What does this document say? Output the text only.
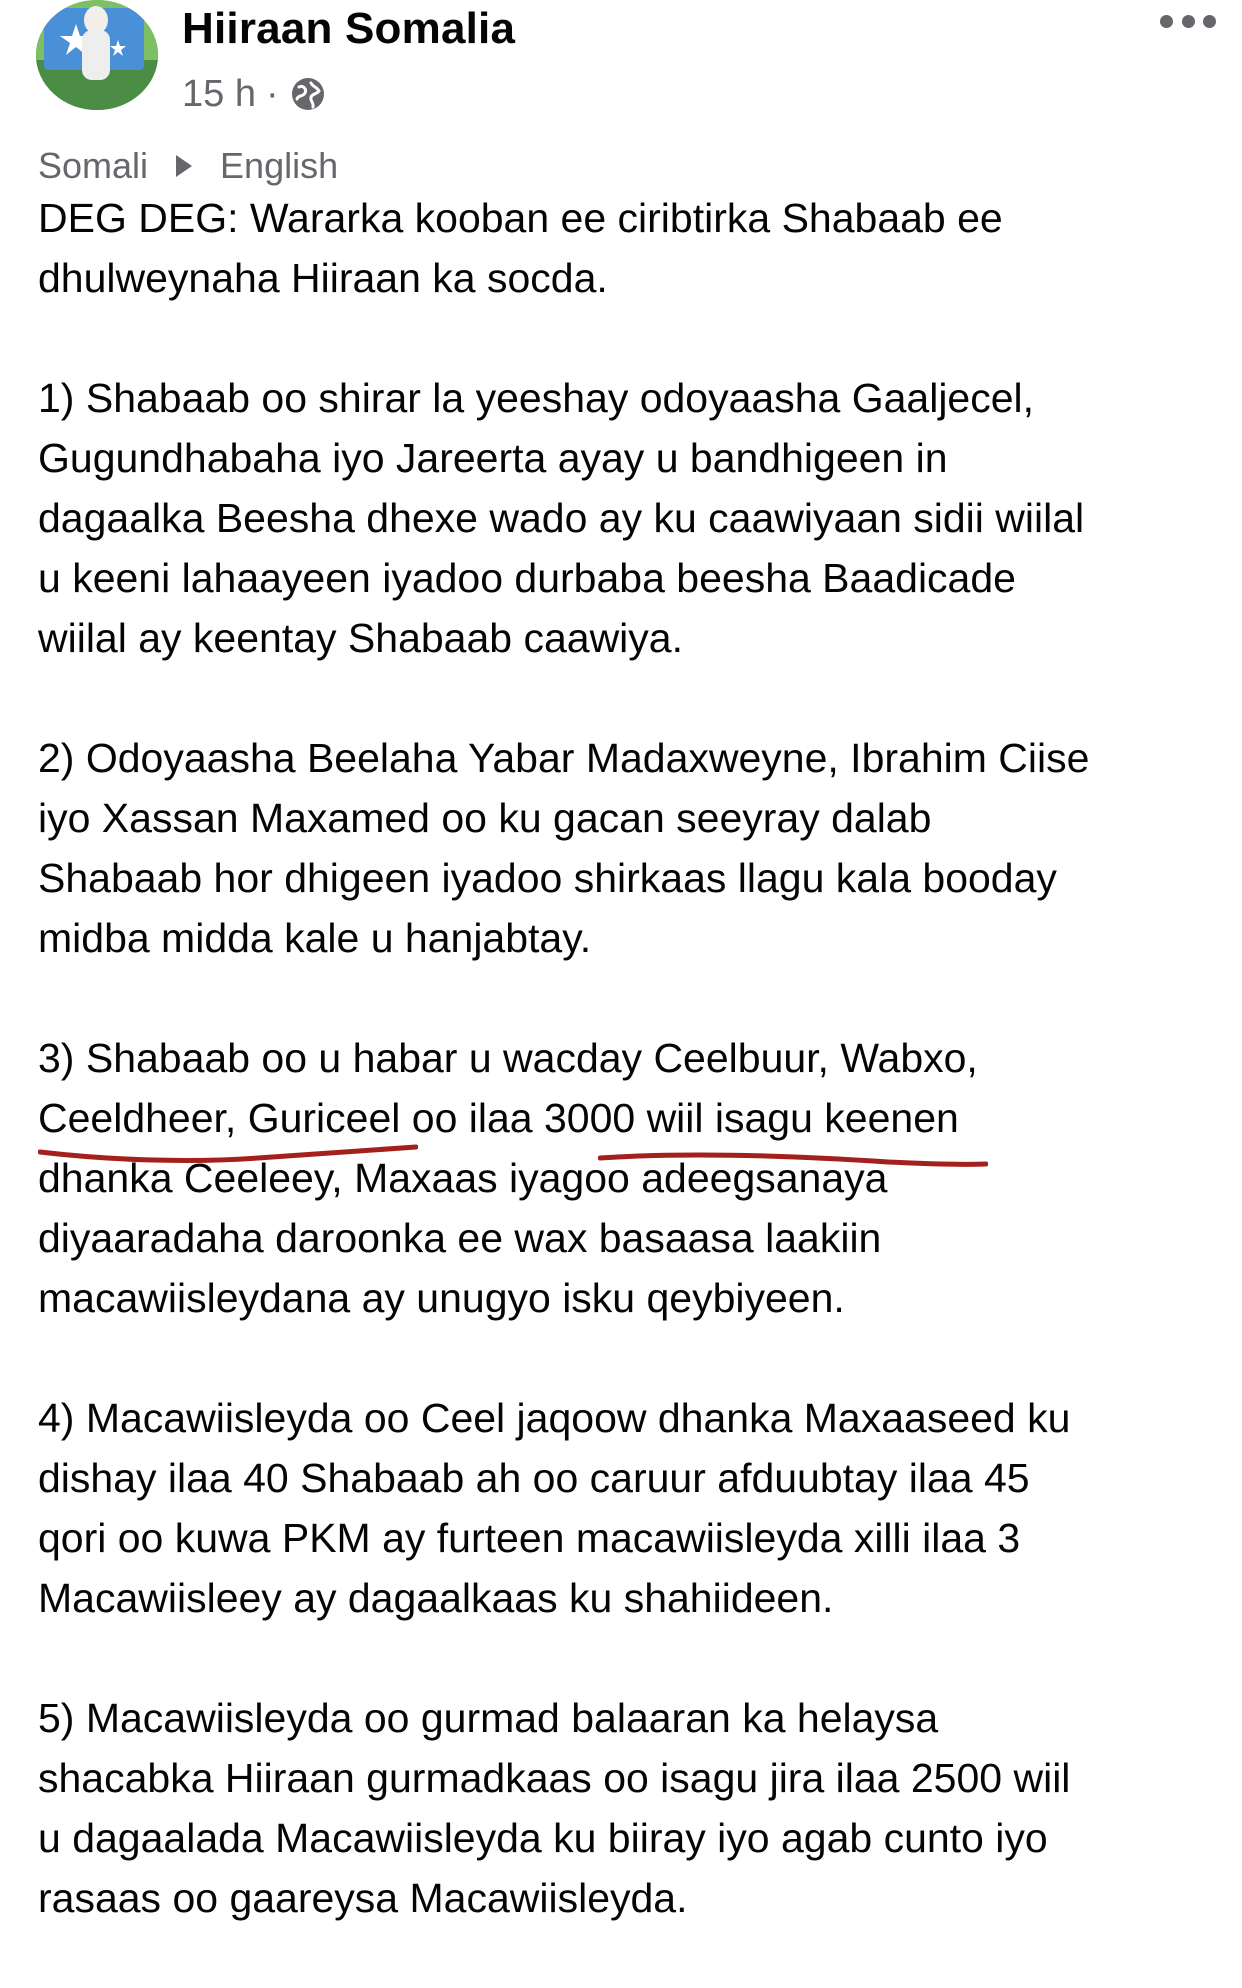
Hiiraan Somalia
15 h ·
Somali English

DEG DEG: Wararka kooban ee ciribtirka Shabaab ee
dhulweynaha Hiiraan ka socda.

1) Shabaab oo shirar la yeeshay odoyaasha Gaaljecel,
Gugundhabaha iyo Jareerta ayay u bandhigeen in
dagaalka Beesha dhexe wado ay ku caawiyaan sidii wiilal
u keeni lahaayeen iyadoo durbaba beesha Baadicade
wiilal ay keentay Shabaab caawiya.

2) Odoyaasha Beelaha Yabar Madaxweyne, Ibrahim Ciise
iyo Xassan Maxamed oo ku gacan seeyray dalab
Shabaab hor dhigeen iyadoo shirkaas llagu kala booday
midba midda kale u hanjabtay.

3) Shabaab oo u habar u wacday Ceelbuur, Wabxo,
Ceeldheer, Guriceel oo ilaa 3000 wiil isagu keenen
dhanka Ceeleey, Maxaas iyagoo adeegsanaya
diyaaradaha daroonka ee wax basaasa laakiin
macawiisleydana ay unugyo isku qeybiyeen.

4) Macawiisleyda oo Ceel jaqoow dhanka Maxaaseed ku
dishay ilaa 40 Shabaab ah oo caruur afduubtay ilaa 45
qori oo kuwa PKM ay furteen macawiisleyda xilli ilaa 3
Macawiisleey ay dagaalkaas ku shahiideen.

5) Macawiisleyda oo gurmad balaaran ka helaysa
shacabka Hiiraan gurmadkaas oo isagu jira ilaa 2500 wiil
u dagaalada Macawiisleyda ku biiray iyo agab cunto iyo
rasaas oo gaareysa Macawiisleyda.
